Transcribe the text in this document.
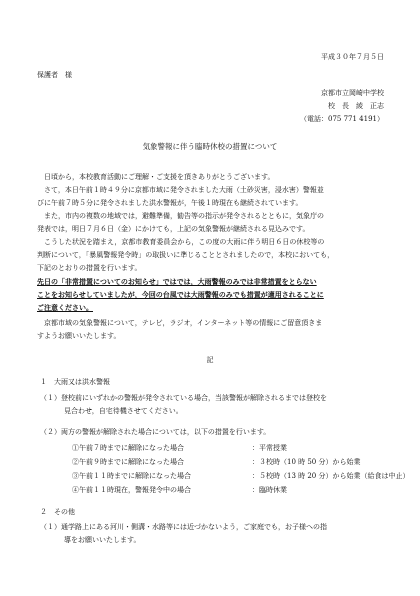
平成３０年７月５日
保護者　様
京都市立岡崎中学校
校　長　綾　正志
（電話：075 771 4191）
気象警報に伴う臨時休校の措置について
日頃から，本校教育活動にご理解・ご支援を頂きありがとうございます。
さて，本日午前１時４９分に京都市域に発令されました大雨（土砂災害，浸水害）警報並
びに午前７時５分に発令されました洪水警報が，午後１時現在も継続されています。
また，市内の複数の地域では，避難準備，勧告等の指示が発令されるとともに，気象庁の
発表では，明日７月６日（金）にかけても，上記の気象警報が継続される見込みです。
こうした状況を踏まえ，京都市教育委員会から，この度の大雨に伴う明日６日の休校等の
判断について，「暴風警報発令時」の取扱いに準じることとされましたので，本校においても，
下記のとおりの措置を行います。
先日の「非常措置についてのお知らせ」ではでは，大雨警報のみでは非常措置をとらない
ことをお知らせしていましたが，今回の台風では大雨警報のみでも措置が適用されることに
ご注意ください。
京都市域の気象警報について，テレビ，ラジオ，インターネット等の情報にご留意頂きま
すようお願いいたします。
記
１　大雨又は洪水警報
（１）登校前にいずれかの警報が発令されている場合，当該警報が解除されるまでは登校を
見合わせ，自宅待機させてください。
（２）両方の警報が解除された場合については，以下の措置を行います。
①午前７時までに解除になった場合	：平常授業
②午前９時までに解除になった場合	：３校時（10 時 50 分）から始業
③午前１１時までに解除になった場合	：５校時（13 時 20 分）から始業（給食は中止）
④午前１１時現在，警報発令中の場合	：臨時休業
２　その他
（１）通学路上にある河川・側溝・水路等には近づかないよう，ご家庭でも，お子様への指
導をお願いいたします。
